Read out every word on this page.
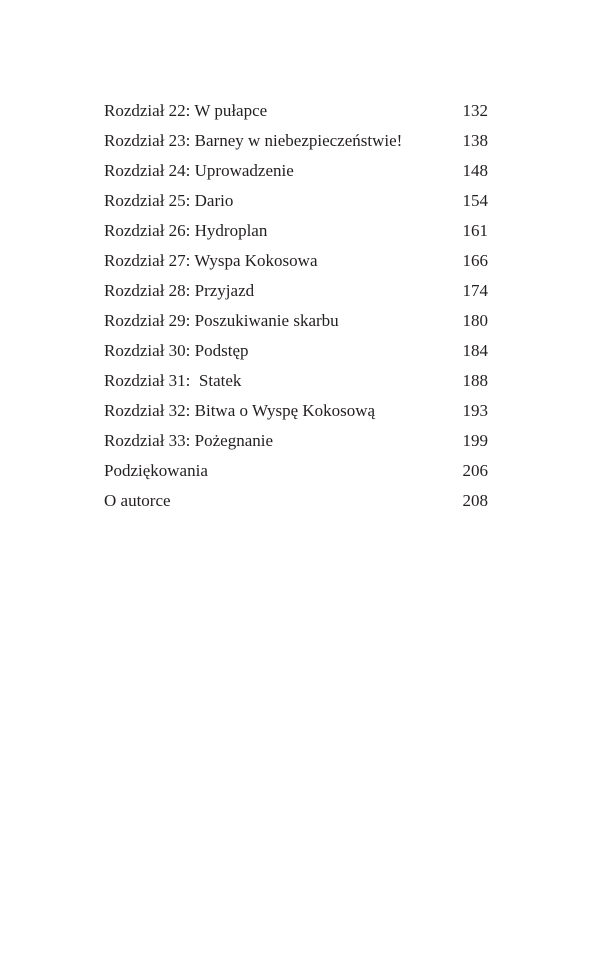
Rozdział 22: W pułapce	132
Rozdział 23: Barney w niebezpieczeństwie!	138
Rozdział 24: Uprowadzenie	148
Rozdział 25: Dario	154
Rozdział 26: Hydroplan	161
Rozdział 27: Wyspa Kokosowa	166
Rozdział 28: Przyjazd	174
Rozdział 29: Poszukiwanie skarbu	180
Rozdział 30: Podstęp	184
Rozdział 31:  Statek	188
Rozdział 32: Bitwa o Wyspę Kokosową	193
Rozdział 33: Pożegnanie	199
Podziękowania	206
O autorce	208
